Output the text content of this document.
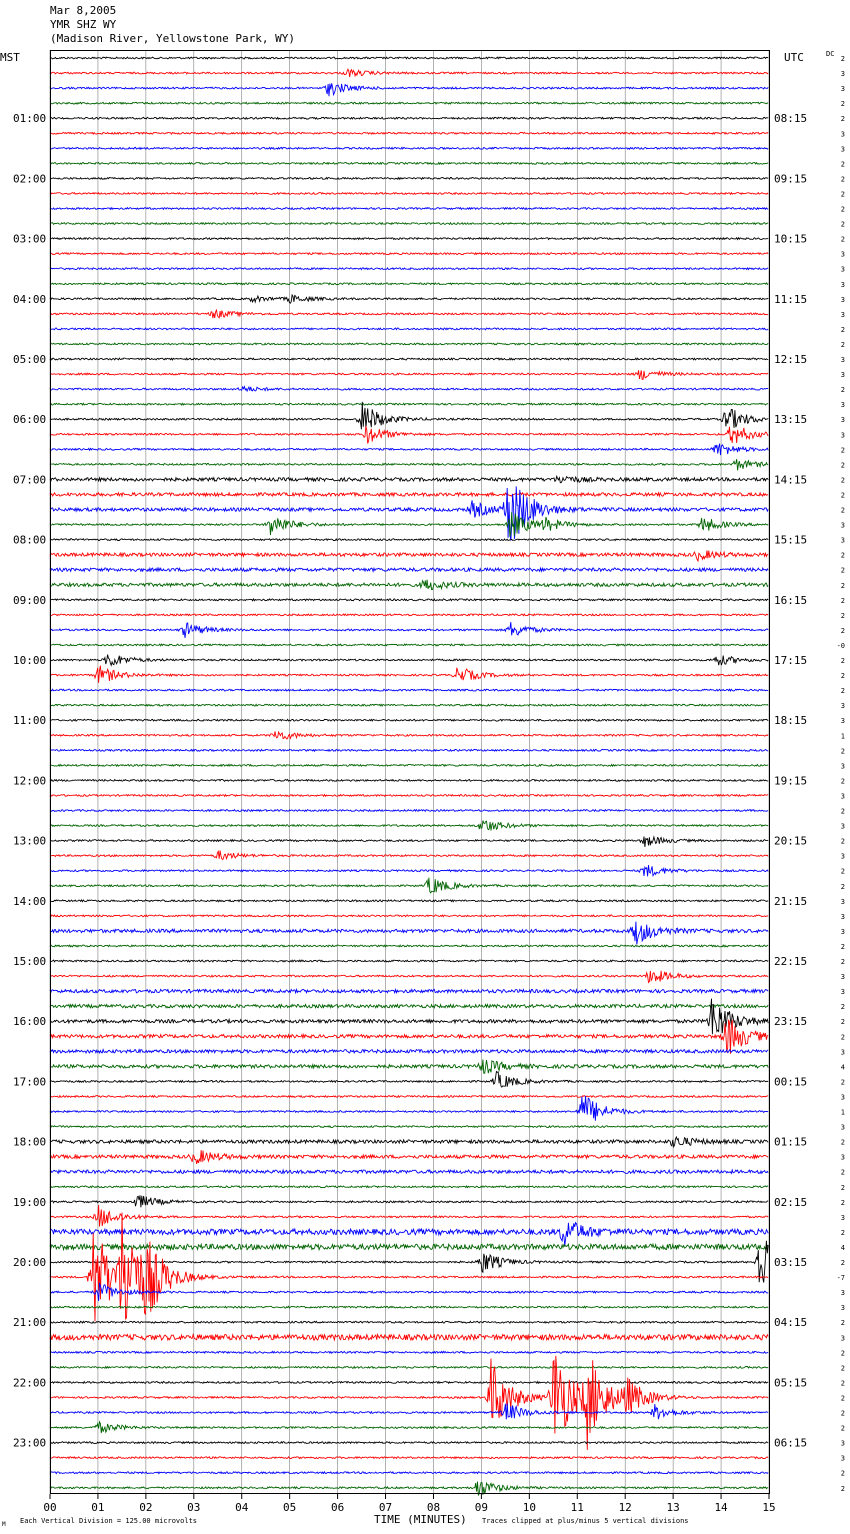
Mar 8,2005
YMR SHZ WY
(Madison River, Yellowstone Park, WY)
00	01	02	03	04	05	06	07	08	09	10	11	12	13	14	15
01:00
02:00
03:00
04:00
05:00
06:00
07:00
08:00
09:00
10:00
11:00
12:00
13:00
14:00
15:00
16:00
17:00
18:00
19:00
20:00
21:00
22:00
23:00
08:15
09:15
10:15
11:15
12:15
13:15
14:15
15:15
16:15
17:15
18:15
19:15
20:15
21:15
22:15
23:15
00:15
01:15
02:15
03:15
04:15
05:15
06:15
2
3
3
2
2
3
3
2
2
2
2
2
2
3
3
3
3
3
2
2
3
3
2
3
3
3
2
2
2
2
2
3
3
2
2
2
2
2
2
-0
2
2
2
3
3
1
2
3
2
3
2
3
2
3
2
2
3
3
3
2
2
3
3
2
2
2
3
4
2
3
1
3
2
3
2
2
2
3
2
4
2
-7
3
3
2
3
2
2
2
2
2
2
3
3
2
2
MST	UTC	DC
TIME (MINUTES)
Each Vertical Division = 125.00 microvolts	Traces clipped at plus/minus 5 vertical divisions
M
